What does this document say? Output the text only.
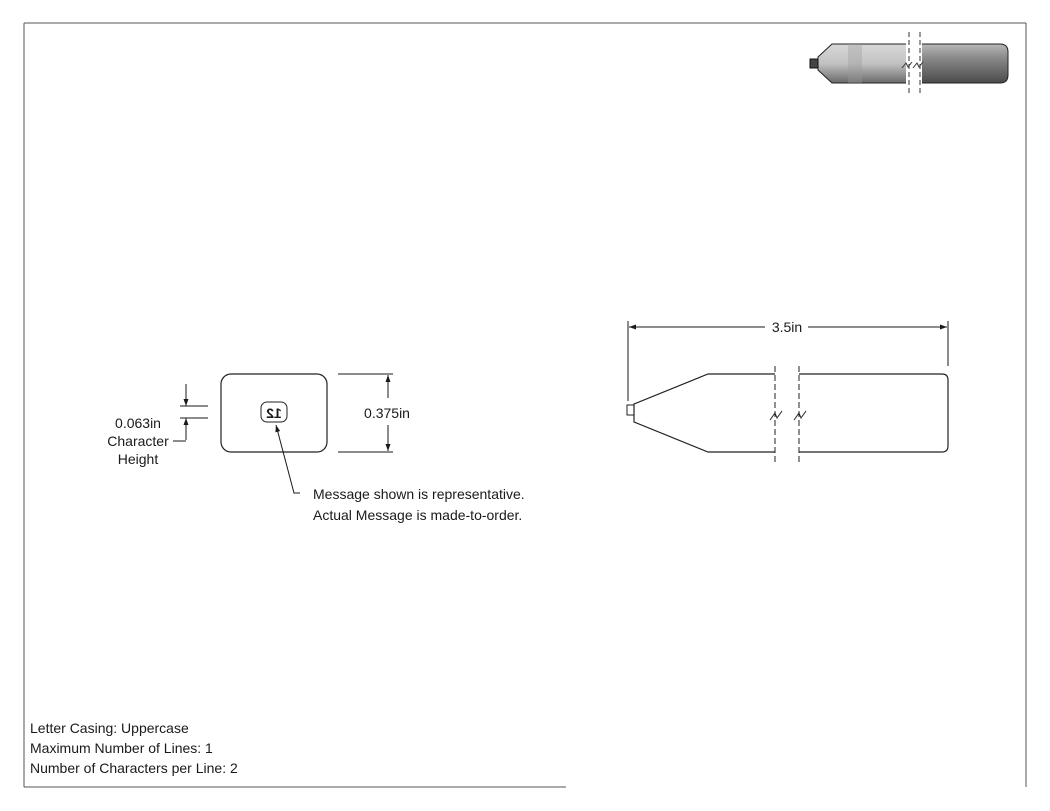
12
0.063in
Character
Height
0.375in
Message shown is representative.
Actual Message is made-to-order.
3.5in
Letter Casing: Uppercase
Maximum Number of Lines: 1
Number of Characters per Line: 2
